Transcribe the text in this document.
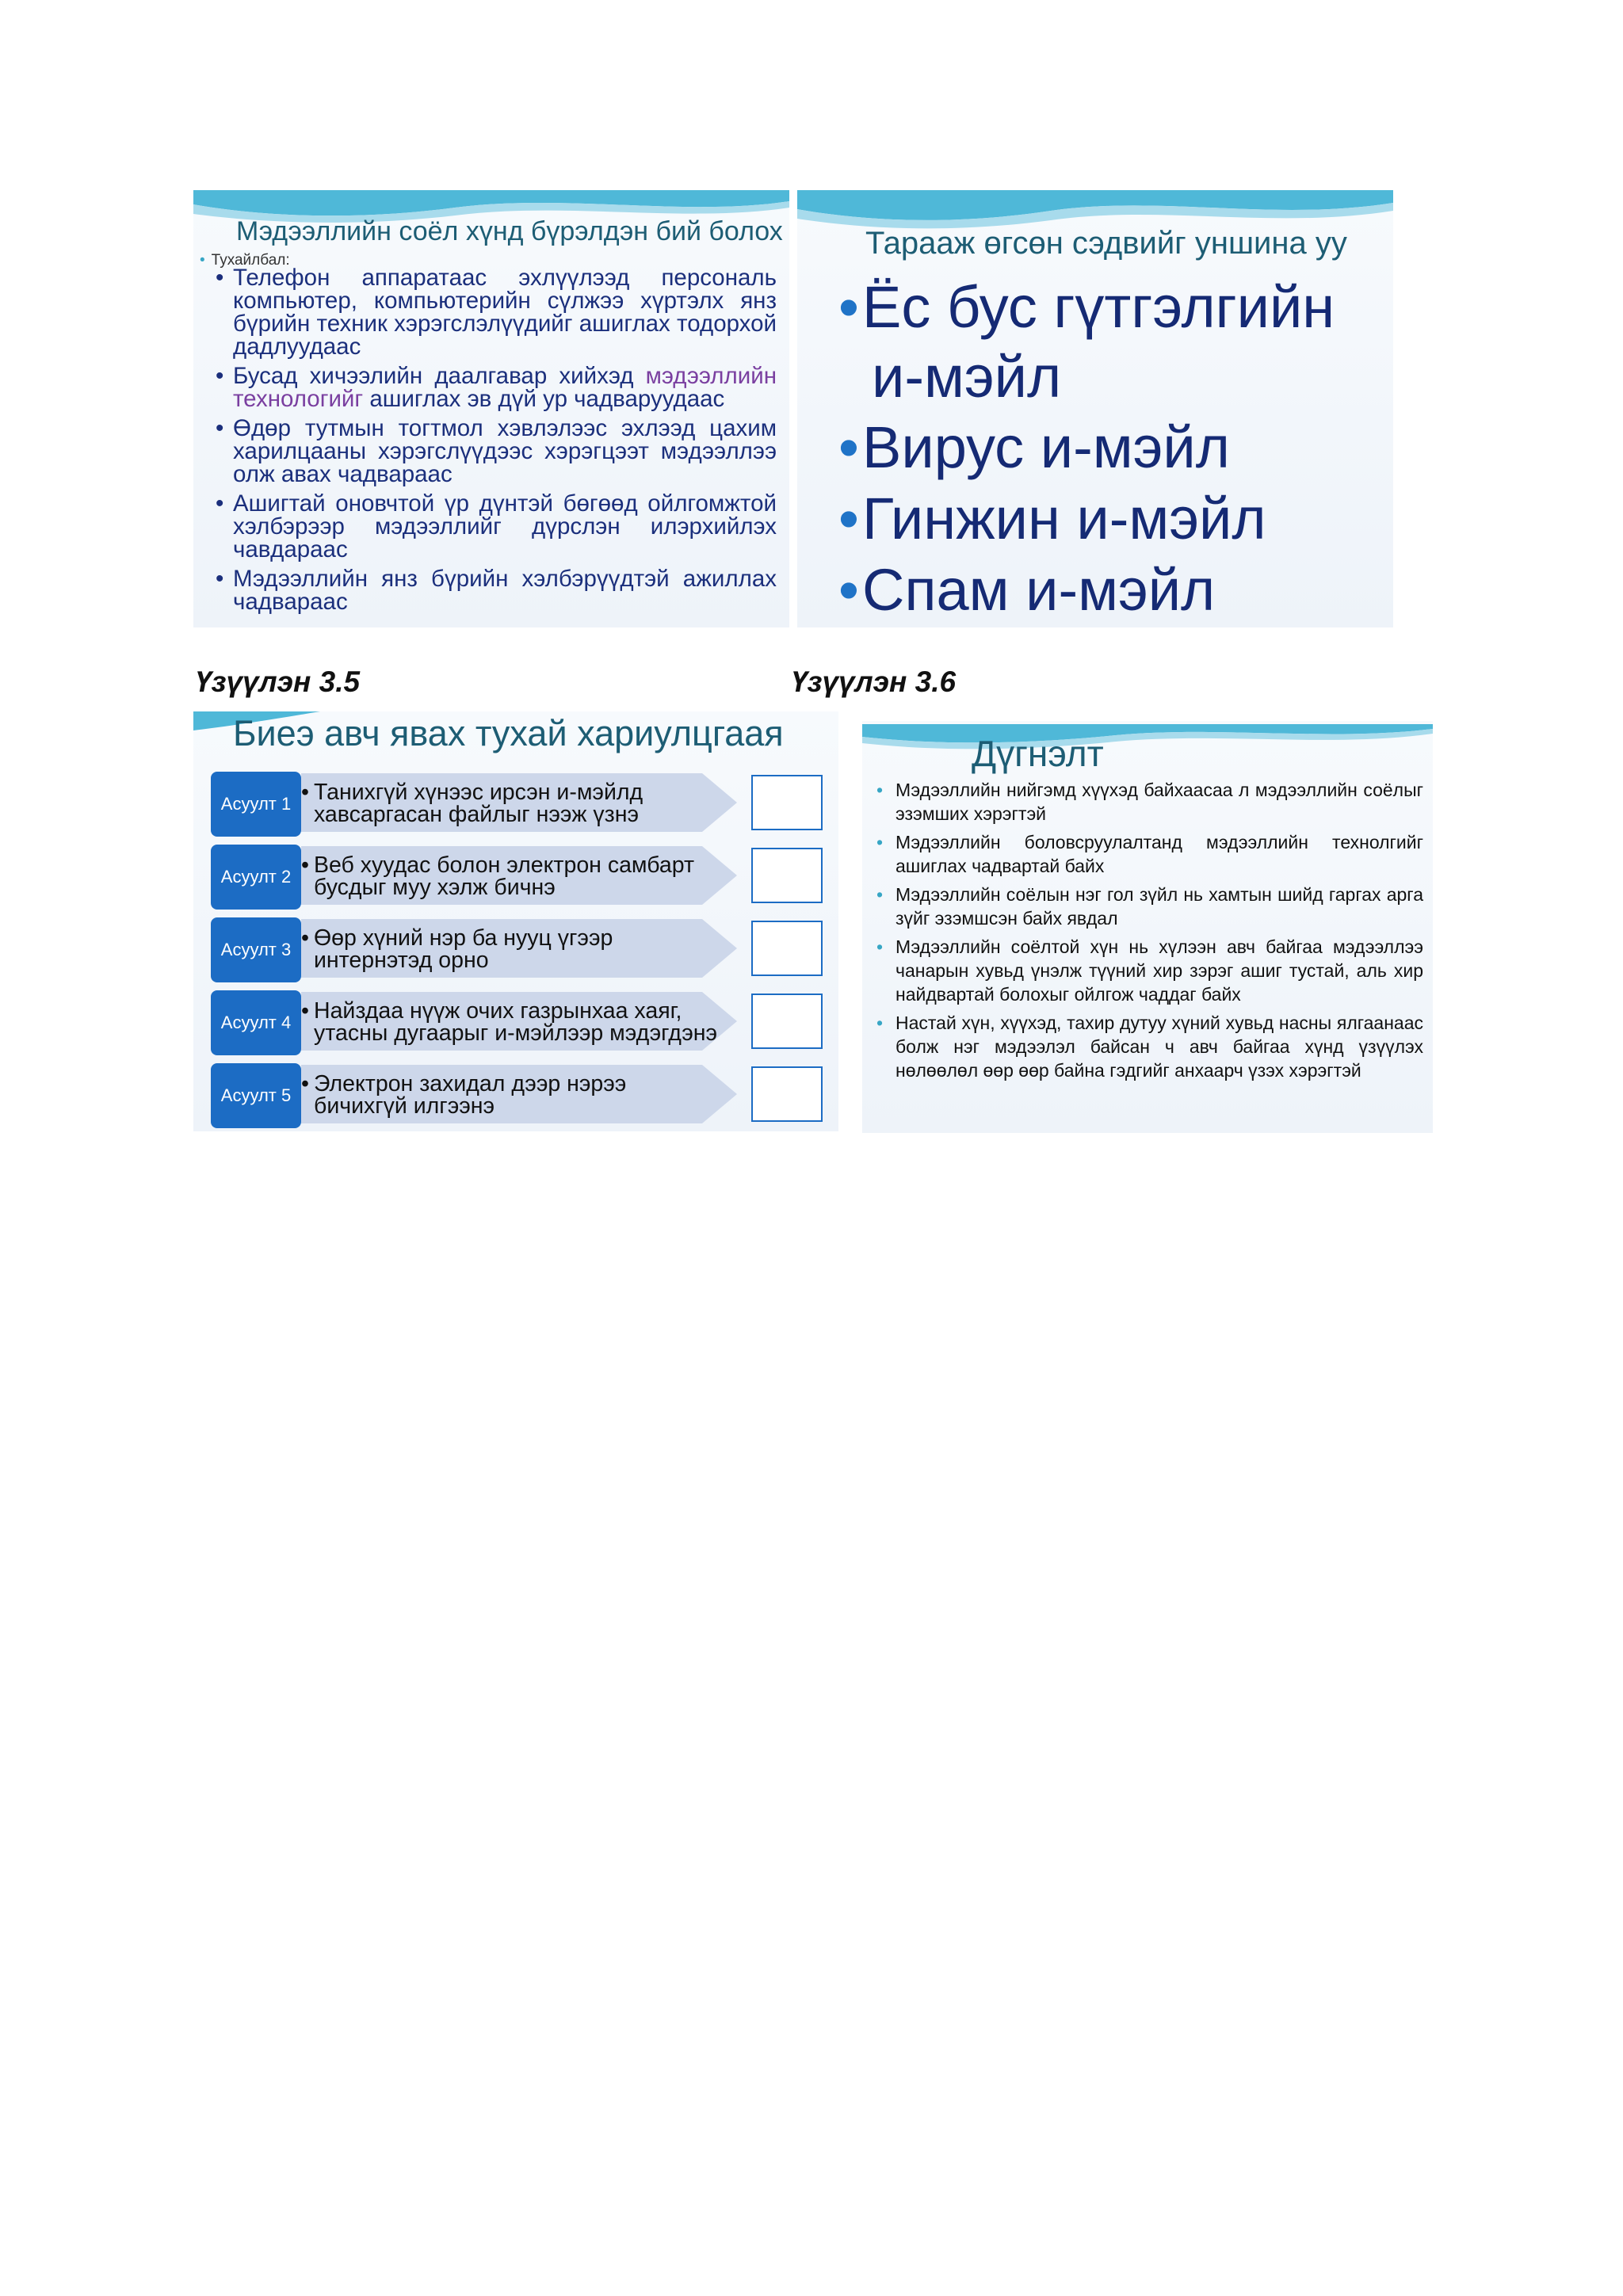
Мэдээллийн соёл хүнд бүрэлдэн бий болох
• Тухайлбал:
• Телефон аппаратаас эхлүүлээд персональ компьютер, компьютерийн сүлжээ хүртэлх янз бүрийн техник хэрэгслэлүүдийг ашиглах тодорхой дадлуудаас
• Бусад хичээлийн даалгавар хийхэд мэдээллийн технологийг ашиглах эв дүй ур чадваруудаас
• Өдөр тутмын тогтмол хэвлэлээс эхлээд цахим харилцааны хэрэгслүүдээс хэрэгцээт мэдээллээ олж авах чадвараас
• Ашигтай оновчтой үр дүнтэй бөгөөд ойлгомжтой хэлбэрээр мэдээллийг дүрслэн илэрхийлэх чавдараас
• Мэдээллийн янз бүрийн хэлбэрүүдтэй ажиллах чадвараас
Тарааж өгсөн сэдвийг уншина уу
• Ёс бус гүтгэлгийн
и-мэйл
• Вирус и-мэйл
• Гинжин и-мэйл
• Спам и-мэйл
Үзүүлэн 3.5	Үзүүлэн 3.6
Биеэ авч явах тухай хариулцгаая
Асуулт 1	• Танихгүй хүнээс ирсэн и-мэйлд хавсаргасан файлыг нээж үзнэ
Асуулт 2	• Веб хуудас болон электрон самбарт бусдыг муу хэлж бичнэ
Асуулт 3	• Өөр хүний нэр ба нууц үгээр интернэтэд орно
Асуулт 4	• Найздаа нүүж очих газрынхаа хаяг, утасны дугаарыг и-мэйлээр мэдэгдэнэ
Асуулт 5	• Электрон захидал дээр нэрээ бичихгүй илгээнэ
Дүгнэлт
• Мэдээллийн нийгэмд хүүхэд байхаасаа л мэдээллийн соёлыг эзэмших хэрэгтэй
• Мэдээллийн боловсруулалтанд мэдээллийн технолгийг ашиглах чадвартай байх
• Мэдээллийн соёлын нэг гол зүйл нь хамтын шийд гаргах арга зүйг эзэмшсэн байх явдал
• Мэдээллийн соёлтой хүн нь хүлээн авч байгаа мэдээллээ чанарын хувьд үнэлж түүний хир зэрэг ашиг тустай, аль хир найдвартай болохыг ойлгож чаддаг байх
• Настай хүн, хүүхэд, тахир дутуу хүний хувьд насны ялгаанаас болж нэг мэдээлэл байсан ч авч байгаа хүнд үзүүлэх нөлөөлөл өөр өөр байна гэдгийг анхаарч үзэх хэрэгтэй
